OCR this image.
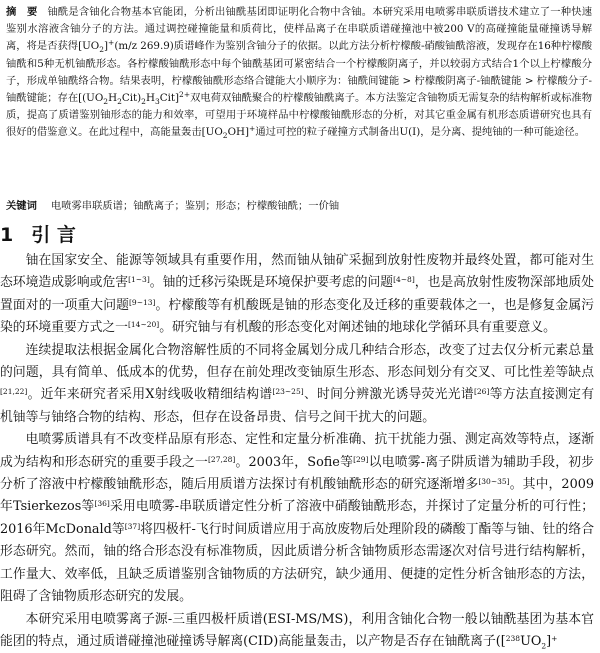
摘　要 铀酰是含铀化合物基本官能团，分析出铀酰基团即证明化合物中含铀。本研究采用电喷雾串联质谱技术建立了一种快速鉴别水溶液含铀分子的方法。通过调控碰撞能量和质荷比，使样品离子在串联质谱碰撞池中被200 V的高碰撞能量碰撞诱导解离，将是否获得$[UO_2]^+(m/z$ 269.9)质谱峰作为鉴别含铀分子的依据。以此方法分析柠檬酸-硝酸铀酰溶液，发现存在16种柠檬酸铀酰和5种无机铀酰形态。各柠檬酸铀酰形态中每个铀酰基团可紧密结合一个柠檬酸阴离子，并以较弱方式结合1个以上柠檬酸分子，形成单铀酰络合物。结果表明，柠檬酸铀酰形态络合键能大小顺序为：铀酰间键能 > 柠檬酸阴离子-铀酰键能 > 柠檬酸分子-铀酰键能；存在$[(UO_2H_2Cit)_2H_3Cit]^{2+}$双电荷双铀酰聚合的柠檬酸铀酰离子。本方法鉴定含铀物质无需复杂的结构解析或标准物质，提高了质谱鉴别铀形态的能力和效率，可望用于环境样品中柠檬酸铀酰形态的分析，对其它重金属有机形态质谱研究也具有很好的借鉴意义。在此过程中，高能量轰击$[UO_2OH]^+$通过可控的粒子碰撞方式制备出U(I)，是分离、提纯铀的一种可能途径。
关键词 电喷雾串联质谱；铀酰离子；鉴别；形态；柠檬酸铀酰；一价铀
1 引 言

铀在国家安全、能源等领域具有重要作用，然而铀从铀矿采掘到放射性废物并最终处置，都可能对生态环境造成影响或危害[1~3]。铀的迁移污染既是环境保护要考虑的问题[4~8]，也是高放射性废物深部地质处置面对的一项重大问题[9~13]。柠檬酸等有机酸既是铀的形态变化及迁移的重要载体之一，也是修复金属污染的环境重要方式之一[14~20]。研究铀与有机酸的形态变化对阐述铀的地球化学循环具有重要意义。

连续提取法根据金属化合物溶解性质的不同将金属划分成几种结合形态，改变了过去仅分析元素总量的问题，具有简单、低成本的优势，但存在前处理改变铀原生形态、形态间划分有交叉、可比性差等缺点[21,22]。近年来研究者采用X射线吸收精细结构谱[23~25]、时间分辨激光诱导荧光光谱[26]等方法直接测定有机铀等与铀络合物的结构、形态，但存在设备昂贵、信号之间干扰大的问题。

电喷雾质谱具有不改变样品原有形态、定性和定量分析准确、抗干扰能力强、测定高效等特点，逐渐成为结构和形态研究的重要手段之一[27,28]。2003年，Sofie等[29]以电喷雾-离子阱质谱为辅助手段，初步分析了溶液中柠檬酸铀酰形态，随后用质谱方法探讨有机酸铀酰形态的研究逐渐增多[30~35]。其中，2009年Tsierkezos等[36]采用电喷雾-串联质谱定性分析了溶液中硝酸铀酰形态，并探讨了定量分析的可行性；2016年McDonald等[37]将四极杆-飞行时间质谱应用于高放废物后处理阶段的磷酸丁酯等与铀、钍的络合形态研究。然而，铀的络合形态没有标准物质，因此质谱分析含铀物质形态需逐次对信号进行结构解析，工作量大、效率低，且缺乏质谱鉴别含铀物质的方法研究，缺少通用、便捷的定性分析含铀形态的方法，阻碍了含铀物质形态研究的发展。

本研究采用电喷雾离子源-三重四极杆质谱(ESI-MS/MS)，利用含铀化合物一般以铀酰基团为基本官能团的特点，通过质谱碰撞池碰撞诱导解离(CID)高能量轰击，以产物是否存在铀酰离子($[^{238}UO_2]^+$
